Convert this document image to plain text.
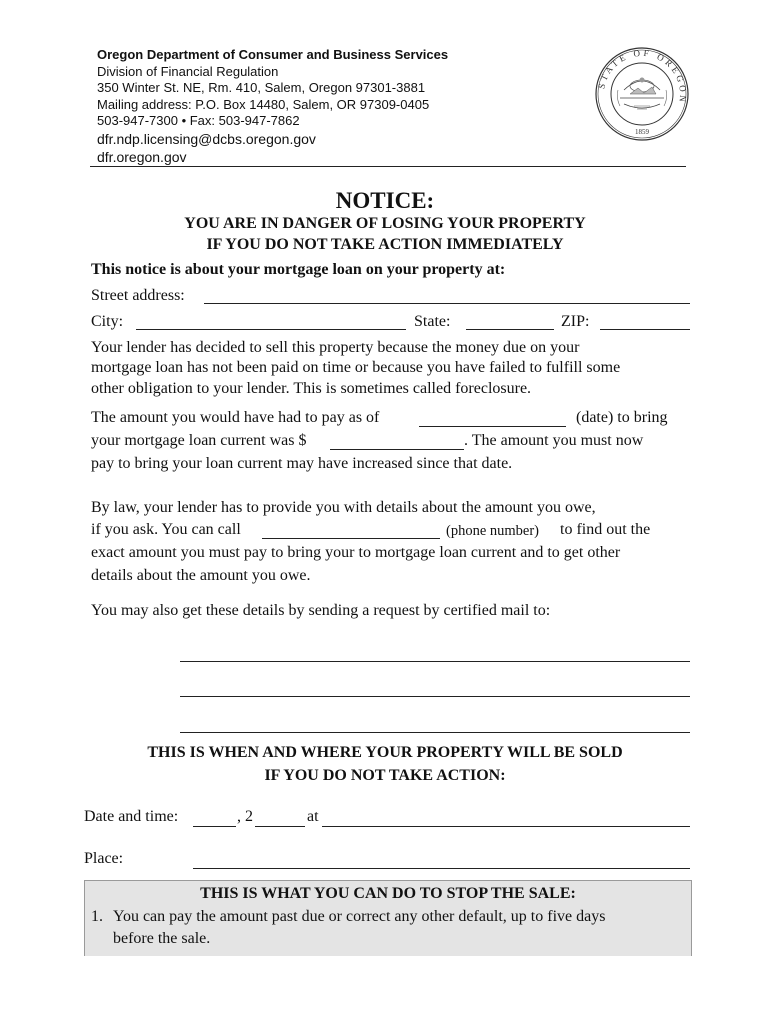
Oregon Department of Consumer and Business Services
Division of Financial Regulation
350 Winter St. NE, Rm. 410, Salem, Oregon 97301-3881
Mailing address: P.O. Box 14480, Salem, OR 97309-0405
503-947-7300 • Fax: 503-947-7862
dfr.ndp.licensing@dcbs.oregon.gov
dfr.oregon.gov
STATE OF OREGON
1859
NOTICE:
YOU ARE IN DANGER OF LOSING YOUR PROPERTY
IF YOU DO NOT TAKE ACTION IMMEDIATELY
This notice is about your mortgage loan on your property at:
Street address:
City:	State:	ZIP:
Your lender has decided to sell this property because the money due on your
mortgage loan has not been paid on time or because you have failed to fulfill some
other obligation to your lender. This is sometimes called foreclosure.
The amount you would have had to pay as of	(date) to bring
your mortgage loan current was $	. The amount you must now
pay to bring your loan current may have increased since that date.
By law, your lender has to provide you with details about the amount you owe,
if you ask. You can call	(phone number) to find out the
exact amount you must pay to bring your to mortgage loan current and to get other
details about the amount you owe.
You may also get these details by sending a request by certified mail to:
THIS IS WHEN AND WHERE YOUR PROPERTY WILL BE SOLD
IF YOU DO NOT TAKE ACTION:
Date and time:	, 2	at
Place:
THIS IS WHAT YOU CAN DO TO STOP THE SALE:
1. You can pay the amount past due or correct any other default, up to five days
before the sale.
